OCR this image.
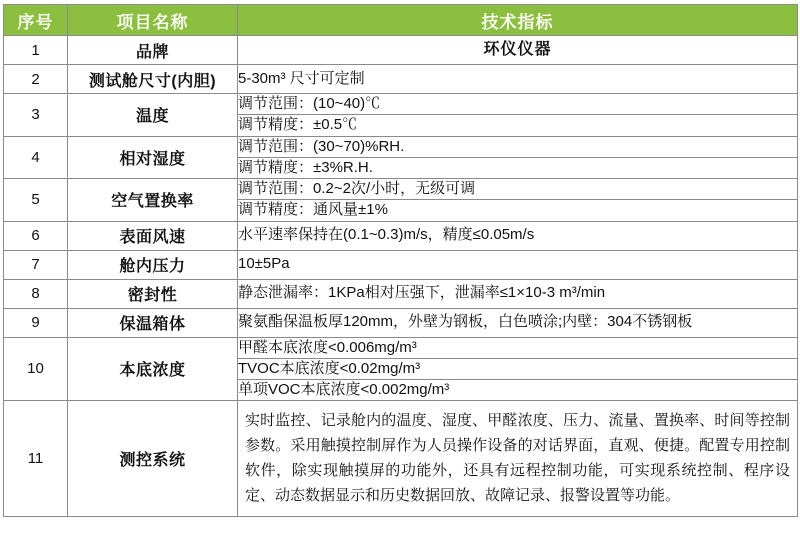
序号	项目名称	技术指标
1	品牌	环仪仪器
2	测试舱尺寸(内胆)	5-30m³ 尺寸可定制
3	温度	调节范围：(10~40)℃
		调节精度：±0.5℃
4	相对湿度	调节范围：(30~70)%RH.
		调节精度：±3%R.H.
5	空气置换率	调节范围：0.2~2次/小时，无级可调
		调节精度：通风量±1%
6	表面风速	水平速率保持在(0.1~0.3)m/s，精度≤0.05m/s
7	舱内压力	10±5Pa
8	密封性	静态泄漏率：1KPa相对压强下，泄漏率≤1×10-3 m³/min
9	保温箱体	聚氨酯保温板厚120mm，外壁为钢板，白色喷涂;内壁：304不锈钢板
10	本底浓度	甲醛本底浓度<0.006mg/m³
		TVOC本底浓度<0.02mg/m³
		单项VOC本底浓度<0.002mg/m³
11	测控系统	实时监控、记录舱内的温度、湿度、甲醛浓度、压力、流量、置换率、时间等控制参数。采用触摸控制屏作为人员操作设备的对话界面，直观、便捷。配置专用控制软件，除实现触摸屏的功能外，还具有远程控制功能，可实现系统控制、程序设定、动态数据显示和历史数据回放、故障记录、报警设置等功能。
